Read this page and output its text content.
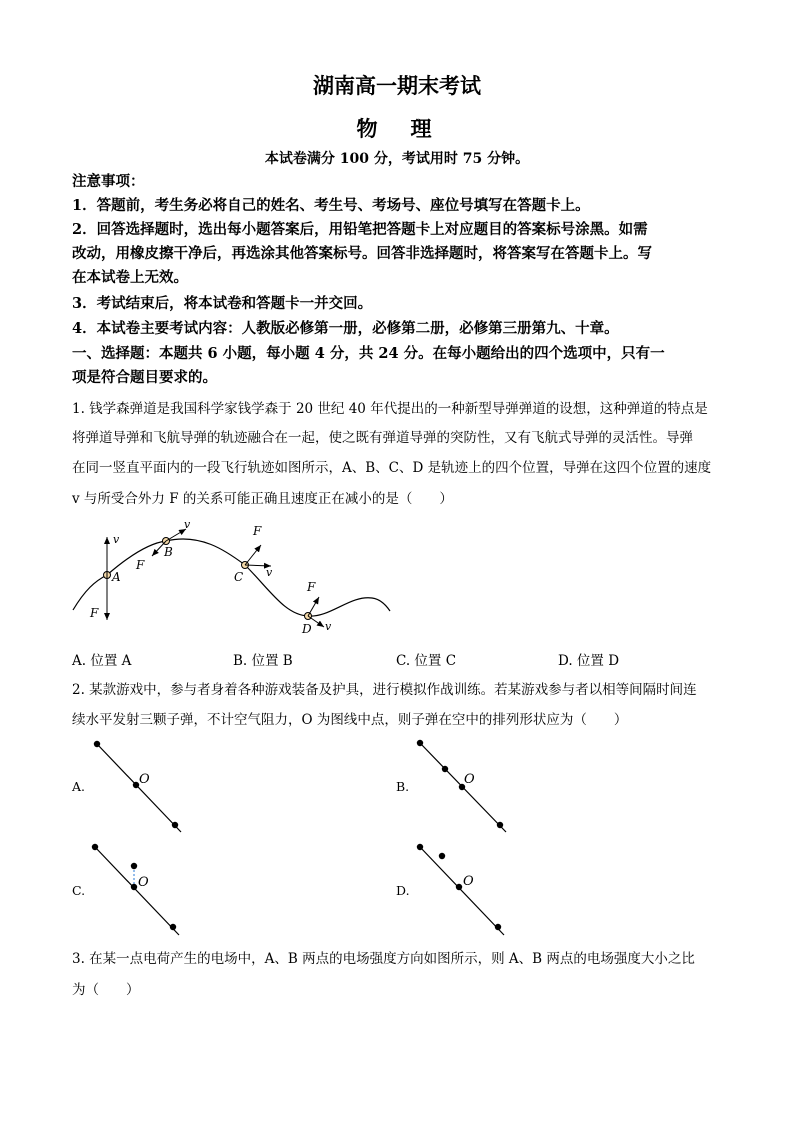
湖南高一期末考试
物　理
本试卷满分 100 分，考试用时 75 分钟。
注意事项：
1．答题前，考生务必将自己的姓名、考生号、考场号、座位号填写在答题卡上。
2．回答选择题时，选出每小题答案后，用铅笔把答题卡上对应题目的答案标号涂黑。如需
改动，用橡皮擦干净后，再选涂其他答案标号。回答非选择题时，将答案写在答题卡上。写
在本试卷上无效。
3．考试结束后，将本试卷和答题卡一并交回。
4．本试卷主要考试内容：人教版必修第一册，必修第二册，必修第三册第九、十章。
一、选择题：本题共 6 小题，每小题 4 分，共 24 分。在每小题给出的四个选项中，只有一
项是符合题目要求的。
1. 钱学森弹道是我国科学家钱学森于 20 世纪 40 年代提出的一种新型导弹弹道的设想，这种弹道的特点是
将弹道导弹和飞航导弹的轨迹融合在一起，使之既有弹道导弹的突防性，又有飞航式导弹的灵活性。导弹
在同一竖直平面内的一段飞行轨迹如图所示，A、B、C、D 是轨迹上的四个位置，导弹在这四个位置的速度
v 与所受合外力 F 的关系可能正确且速度正在减小的是（　　）
v
A
F
v
B
F
F
v
C
F
v
D
A. 位置 A	B. 位置 B	C. 位置 C	D. 位置 D
2. 某款游戏中，参与者身着各种游戏装备及护具，进行模拟作战训练。若某游戏参与者以相等间隔时间连
续水平发射三颗子弹，不计空气阻力，O 为图线中点，则子弹在空中的排列形状应为（　　）
A.	O	B.	O
C.
O
D.
O
3. 在某一点电荷产生的电场中，A、B 两点的电场强度方向如图所示，则 A、B 两点的电场强度大小之比
为（　　）
